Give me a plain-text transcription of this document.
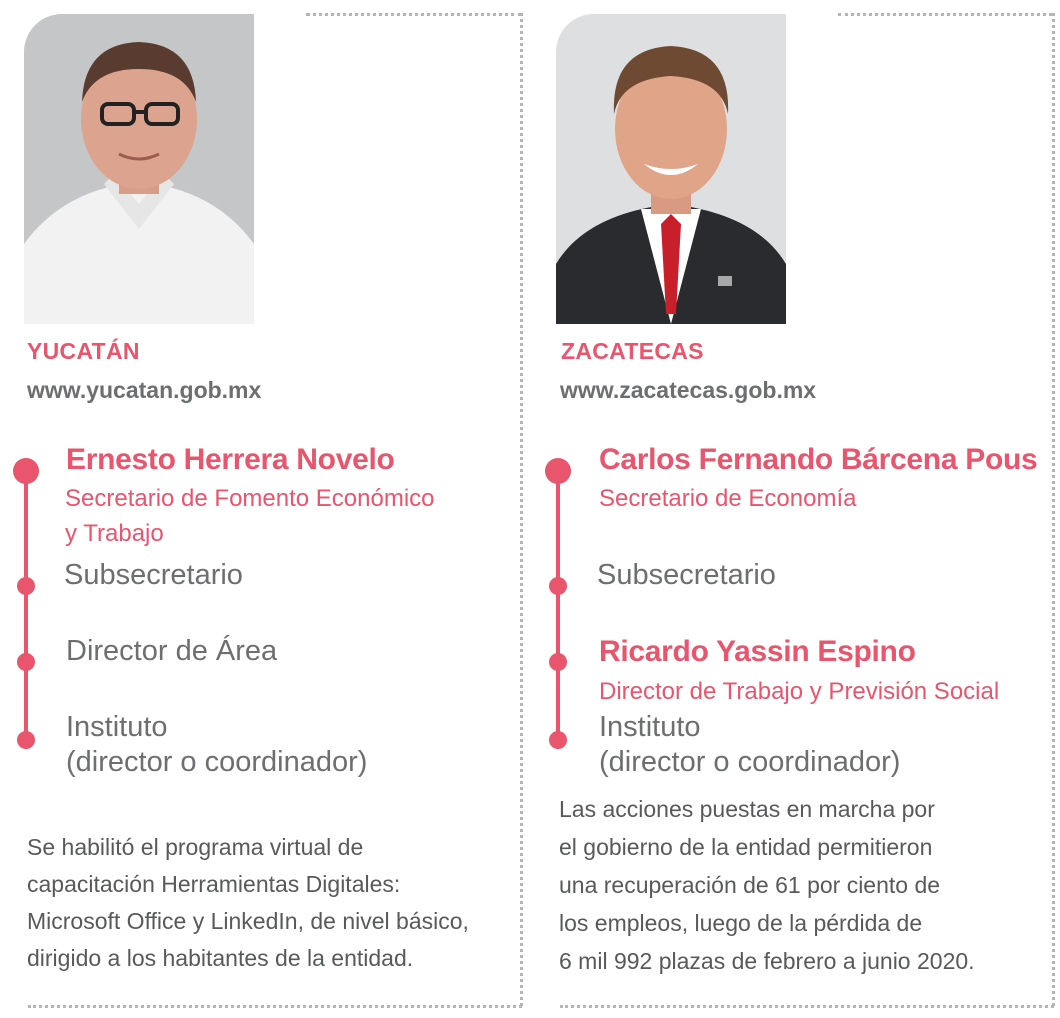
YUCATÁN
www.yucatan.gob.mx
Ernesto Herrera Novelo
Secretario de Fomento Económico
y Trabajo
Subsecretario
Director de Área
Instituto
(director o coordinador)
Se habilitó el programa virtual de
capacitación Herramientas Digitales:
Microsoft Office y LinkedIn, de nivel básico,
dirigido a los habitantes de la entidad.
ZACATECAS
www.zacatecas.gob.mx
Carlos Fernando Bárcena Pous
Secretario de Economía
Subsecretario
Ricardo Yassin Espino
Director de Trabajo y Previsión Social
Instituto
(director o coordinador)
Las acciones puestas en marcha por
el gobierno de la entidad permitieron
una recuperación de 61 por ciento de
los empleos, luego de la pérdida de
6 mil 992 plazas de febrero a junio 2020.
